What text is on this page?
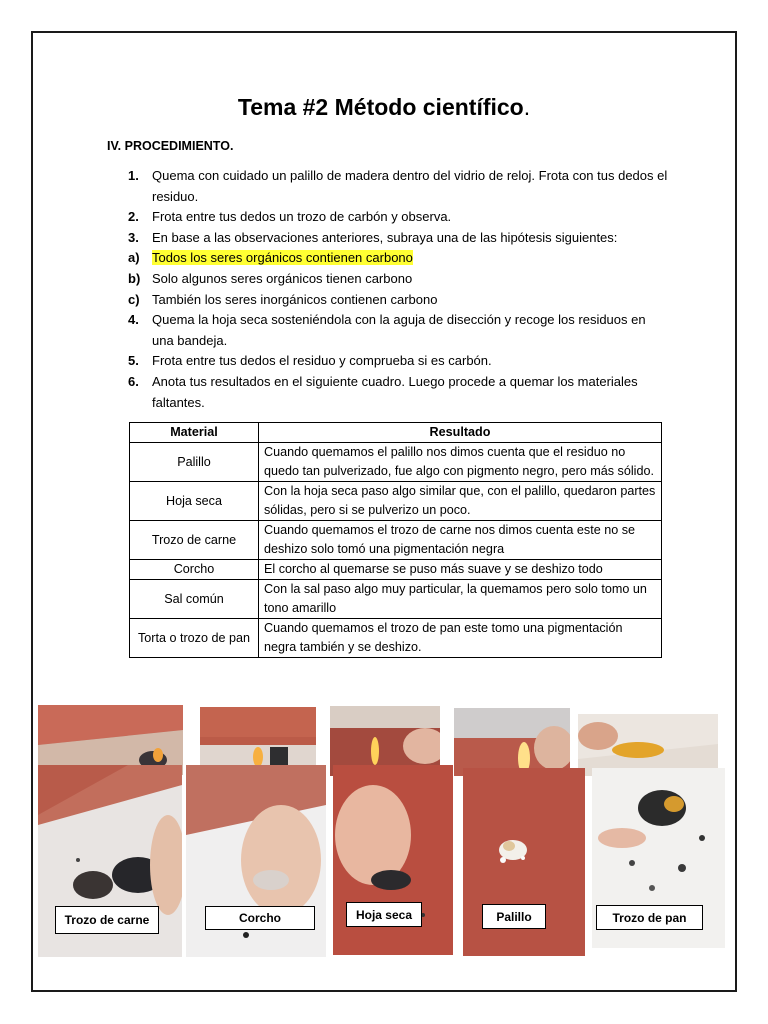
Tema #2 Método científico.
IV. PROCEDIMIENTO.
1. Quema con cuidado un palillo de madera dentro del vidrio de reloj. Frota con tus dedos el residuo.
2. Frota entre tus dedos un trozo de carbón y observa.
3. En base a las observaciones anteriores, subraya una de las hipótesis siguientes:
a) Todos los seres orgánicos contienen carbono
b) Solo algunos seres orgánicos tienen carbono
c) También los seres inorgánicos contienen carbono
4. Quema la hoja seca sosteniéndola con la aguja de disección y recoge los residuos en una bandeja.
5. Frota entre tus dedos el residuo y comprueba si es carbón.
6. Anota tus resultados en el siguiente cuadro. Luego procede a quemar los materiales faltantes.
Material	Resultado
Palillo	Cuando quemamos el palillo nos dimos cuenta que el residuo no quedo tan pulverizado, fue algo con pigmento negro, pero más sólido.
Hoja seca	Con la hoja seca paso algo similar que, con el palillo, quedaron partes sólidas, pero si se pulverizo un poco.
Trozo de carne	Cuando quemamos el trozo de carne nos dimos cuenta este no se deshizo solo tomó una pigmentación negra
Corcho	El corcho al quemarse se puso más suave y se deshizo todo
Sal común	Con la sal paso algo muy particular, la quemamos pero solo tomo un tono amarillo
Torta o trozo de pan	Cuando quemamos el trozo de pan este tomo una pigmentación negra también y se deshizo.
Trozo de carne	Corcho	Hoja seca	Palillo	Trozo de pan
